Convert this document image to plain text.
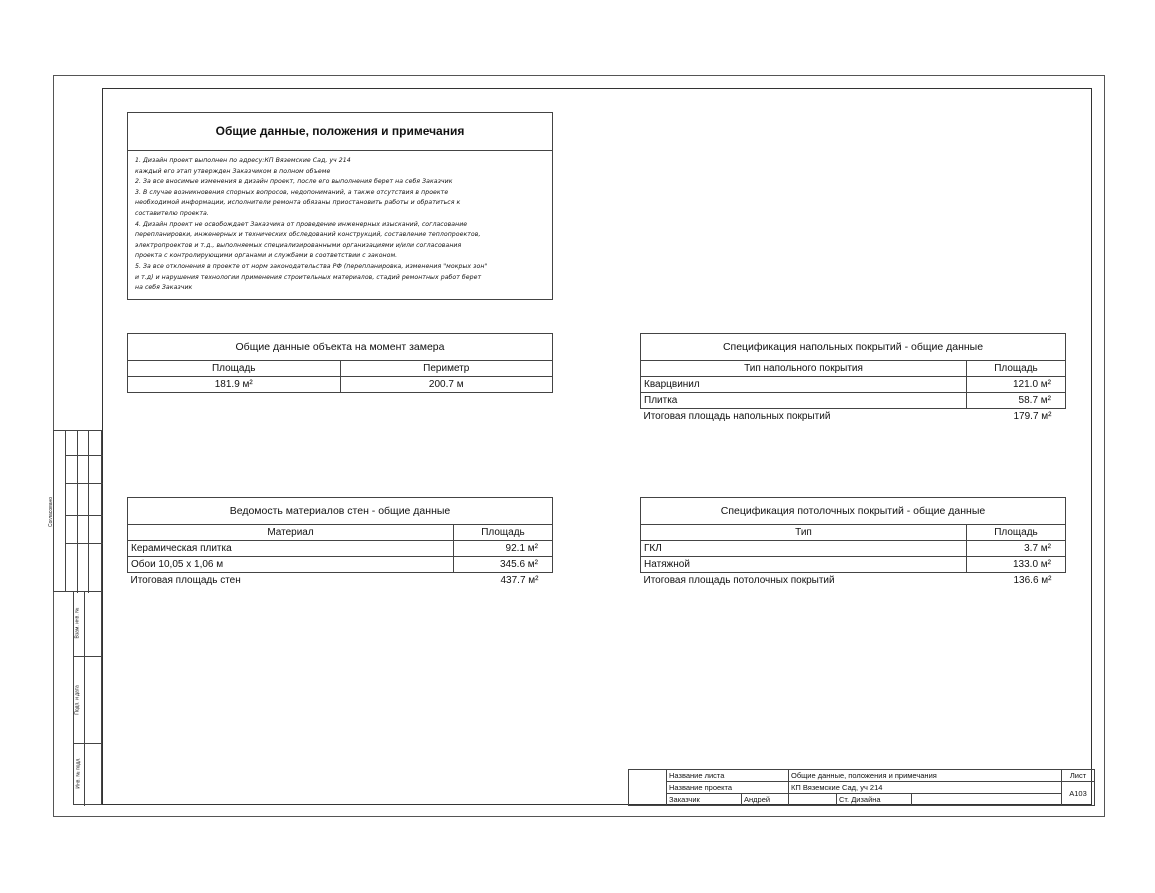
Согласовано
Взам. инв. №
Подп. и дата
Инв. № подл.
Общие данные, положения и примечания
1. Дизайн проект выполнен по адресу:КП Вяземские Сад, уч 214
каждый его этап утвержден Заказчиком в полном объеме
2. За все вносимые изменения в дизайн проект, после его выполнения берет на себя Заказчик
3. В случае возникновения спорных вопросов, недопониманий, а также отсутствия в проекте
необходимой информации, исполнители ремонта обязаны приостановить работы и обратиться к
составителю проекта.
4. Дизайн проект не освобождает Заказчика от проведение инженерных изысканий, согласование
перепланировки, инженерных и технических обследований конструкций, составление теплопроектов,
электропроектов и т.д., выполняемых специализированными организациями и/или согласования
проекта с контролирующими органами и службами в соответствии с законом.
5. За все отклонения в проекте от норм законодательства РФ (перепланировка, изменения "мокрых зон"
и т.д) и нарушения технологии применения строительных материалов, стадий ремонтных работ берет
на себя Заказчик
Общие данные объекта на момент замера	
Площадь	Периметр
181.9 м²	200.7 м
Спецификация напольных покрытий - общие данные	
Тип напольного покрытия	Площадь
Кварцвинил	121.0 м²
Плитка	58.7 м²
Итоговая площадь напольных покрытий	179.7 м²
Ведомость материалов стен - общие данные	
Материал	Площадь
Керамическая плитка	92.1 м²
Обои 10,05 х 1,06 м	345.6 м²
Итоговая площадь стен	437.7 м²
Спецификация потолочных покрытий - общие данные	
Тип	Площадь
ГКЛ	3.7 м²
Натяжной	133.0 м²
Итоговая площадь потолочных покрытий	136.6 м²
	Название листа		Общие данные, положения и примечания			Лист
	Название проекта		КП Вяземские Сад, уч 214			А103
	Заказчик	Андрей		Ст. Дизайна		
